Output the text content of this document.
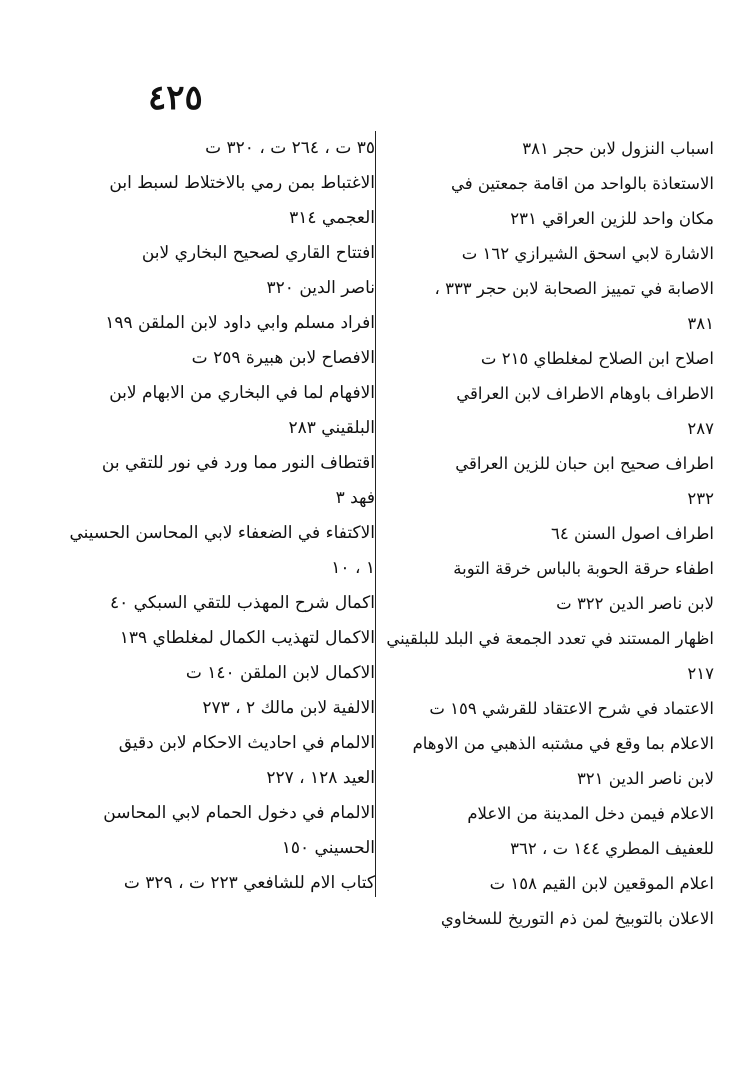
٤٢٥
اسباب النزول لابن حجر ٣٨١
الاستعاذة بالواحد من اقامة جمعتين في
مكان واحد للزين العراقي ٢٣١
الاشارة لابي اسحق الشيرازي ١٦٢ ت
الاصابة في تمييز الصحابة لابن حجر ٣٣٣ ،
٣٨١
اصلاح ابن الصلاح لمغلطاي ٢١٥ ت
الاطراف باوهام الاطراف لابن العراقي
٢٨٧
اطراف صحيح ابن حبان للزين العراقي
٢٣٢
اطراف اصول السنن ٦٤
اطفاء حرقة الحوبة بالباس خرقة التوبة
لابن ناصر الدين ٣٢٢ ت
اظهار المستند في تعدد الجمعة في البلد للبلقيني
٢١٧
الاعتماد في شرح الاعتقاد للقرشي ١٥٩ ت
الاعلام بما وقع في مشتبه الذهبي من الاوهام
لابن ناصر الدين ٣٢١
الاعلام فيمن دخل المدينة من الاعلام
للعفيف المطري ١٤٤ ت ، ٣٦٢
اعلام الموقعين لابن القيم ١٥٨ ت
الاعلان بالتوبيخ لمن ذم التوريخ للسخاوي
٣٥ ت ، ٢٦٤ ت ، ٣٢٠ ت
الاغتباط بمن رمي بالاختلاط لسبط ابن
العجمي ٣١٤
افتتاح القاري لصحيح البخاري لابن
ناصر الدين ٣٢٠
افراد مسلم وابي داود لابن الملقن ١٩٩
الافصاح لابن هبيرة ٢٥٩ ت
الافهام لما في البخاري من الابهام لابن
البلقيني ٢٨٣
اقتطاف النور مما ورد في نور للتقي بن
فهد ٣
الاكتفاء في الضعفاء لابي المحاسن الحسيني
١ ، ١٠
اكمال شرح المهذب للتقي السبكي ٤٠
الاكمال لتهذيب الكمال لمغلطاي ١٣٩
الاكمال لابن الملقن ١٤٠ ت
الالفية لابن مالك ٢ ، ٢٧٣
الالمام في احاديث الاحكام لابن دقيق
العيد ١٢٨ ، ٢٢٧
الالمام في دخول الحمام لابي المحاسن
الحسيني ١٥٠
كتاب الام للشافعي ٢٢٣ ت ، ٣٢٩ ت
